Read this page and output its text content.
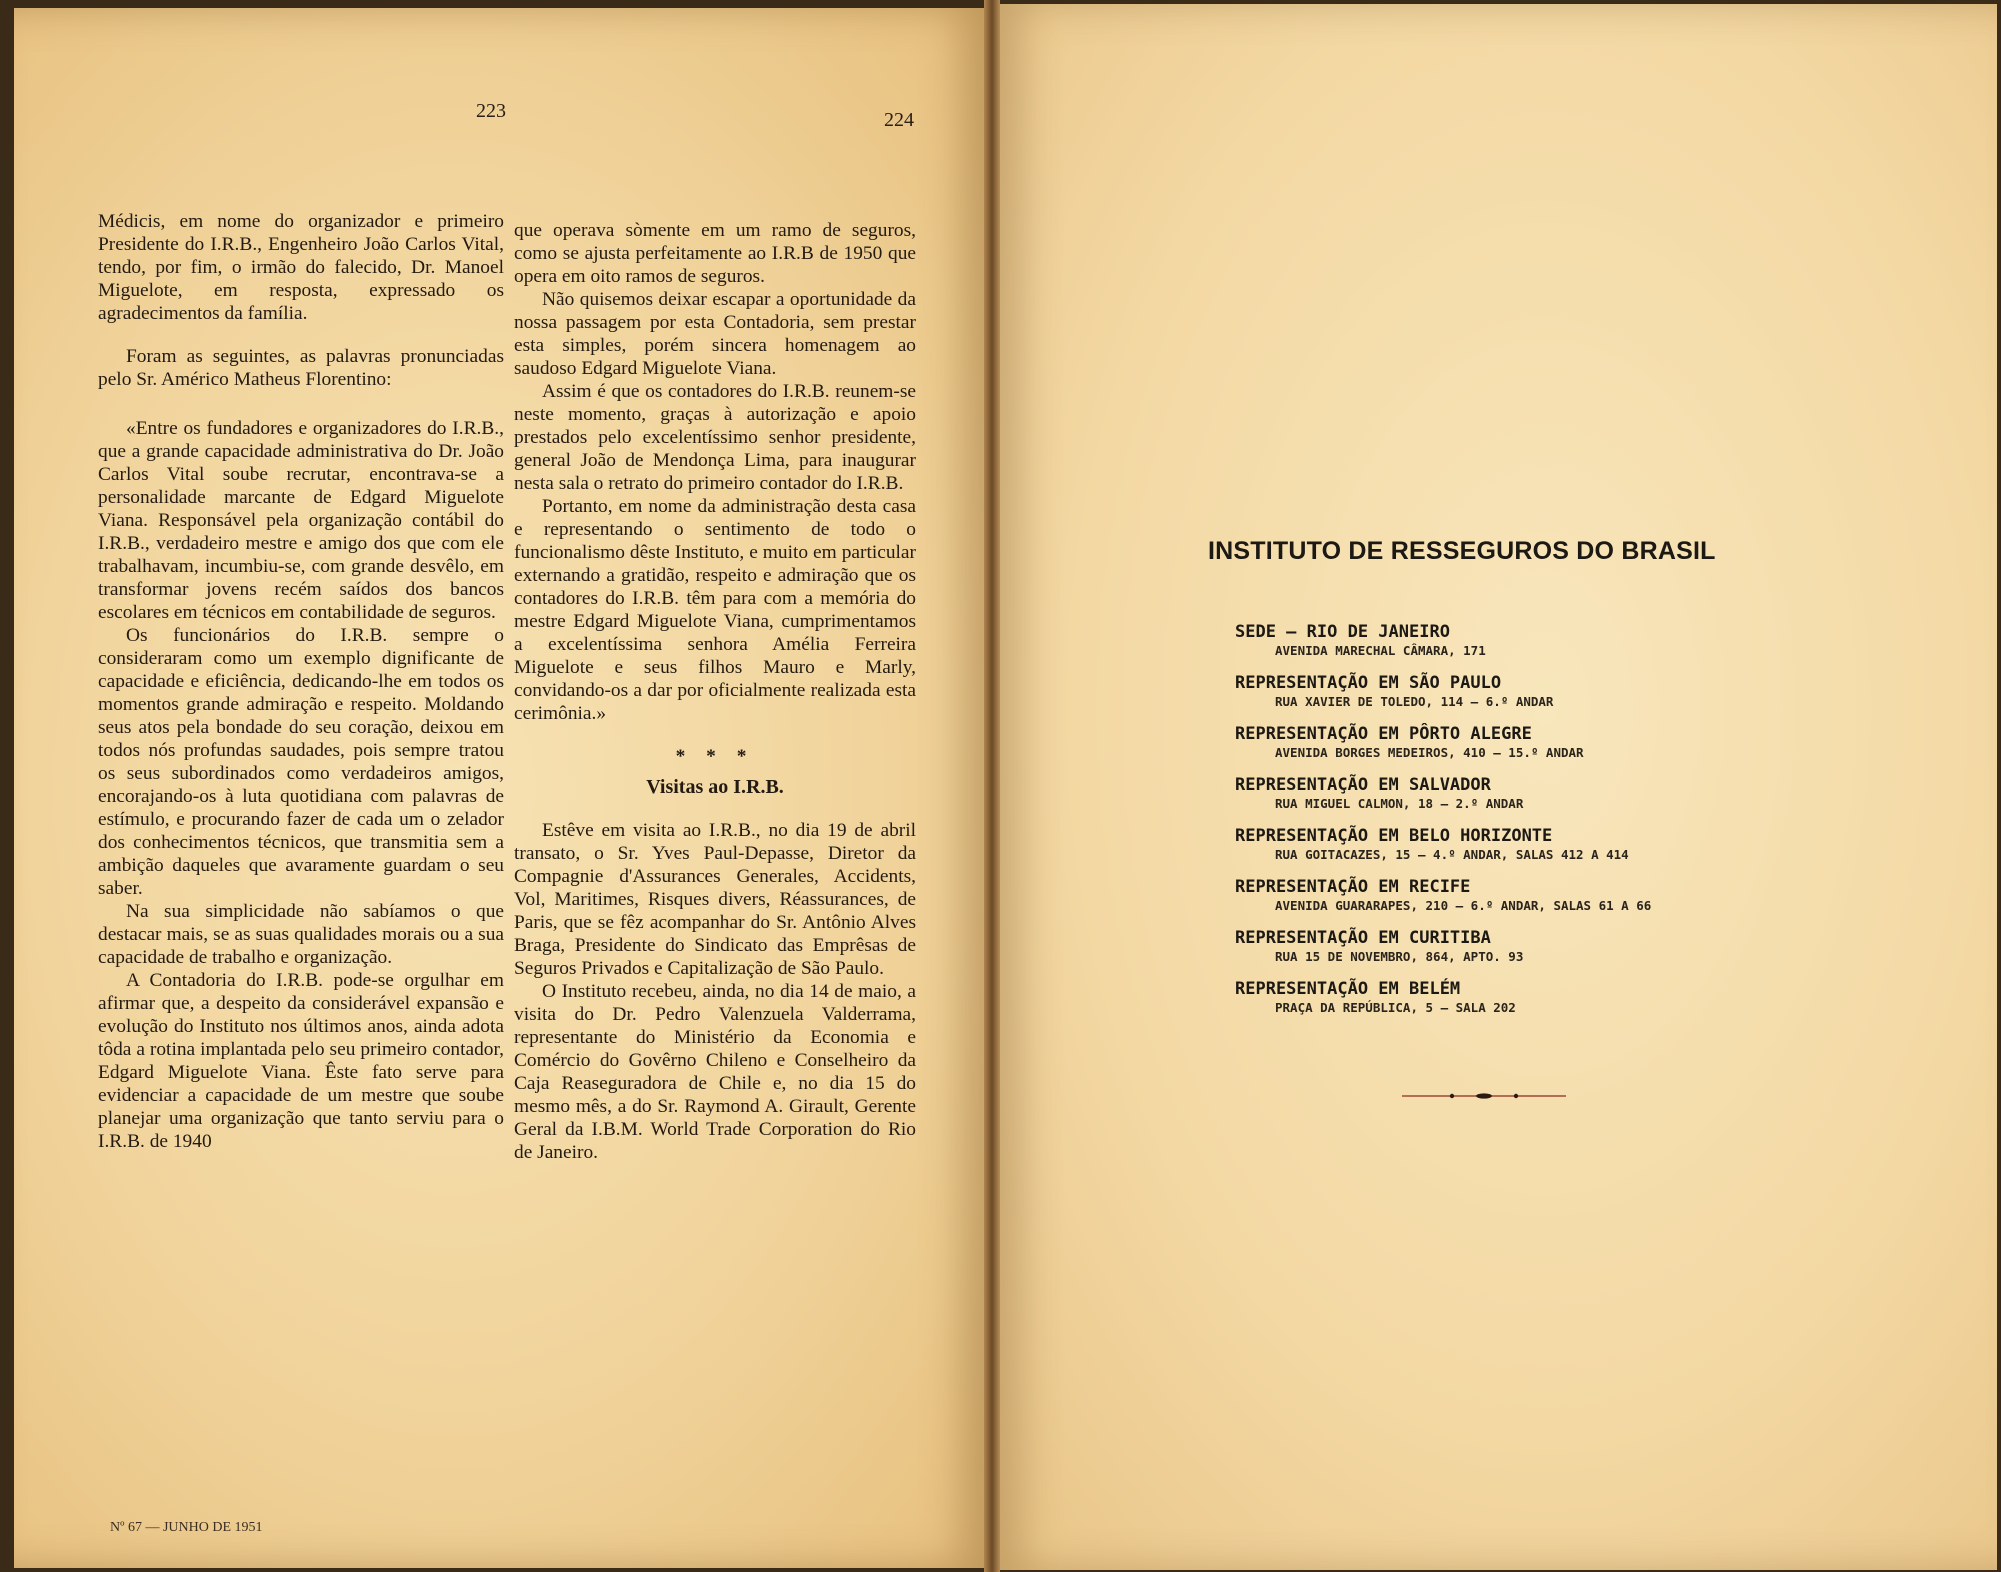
223	224

Médicis, em nome do organizador e primeiro Presidente do I.R.B., Engenheiro João Carlos Vital, tendo, por fim, o irmão do falecido, Dr. Manoel Miguelote, em resposta, expressado os agradecimentos da família.

Foram as seguintes, as palavras pronunciadas pelo Sr. Américo Matheus Florentino:

«Entre os fundadores e organizadores do I.R.B., que a grande capacidade administrativa do Dr. João Carlos Vital soube recrutar, encontrava-se a personalidade marcante de Edgard Miguelote Viana. Responsável pela organização contábil do I.R.B., verdadeiro mestre e amigo dos que com ele trabalhavam, incumbiu-se, com grande desvêlo, em transformar jovens recém saídos dos bancos escolares em técnicos em contabilidade de seguros.

Os funcionários do I.R.B. sempre o consideraram como um exemplo dignificante de capacidade e eficiência, dedicando-lhe em todos os momentos grande admiração e respeito. Moldando seus atos pela bondade do seu coração, deixou em todos nós profundas saudades, pois sempre tratou os seus subordinados como verdadeiros amigos, encorajando-os à luta quotidiana com palavras de estímulo, e procurando fazer de cada um o zelador dos conhecimentos técnicos, que transmitia sem a ambição daqueles que avaramente guardam o seu saber.

Na sua simplicidade não sabíamos o que destacar mais, se as suas qualidades morais ou a sua capacidade de trabalho e organização.

A Contadoria do I.R.B. pode-se orgulhar em afirmar que, a despeito da considerável expansão e evolução do Instituto nos últimos anos, ainda adota tôda a rotina implantada pelo seu primeiro contador, Edgard Miguelote Viana. Êste fato serve para evidenciar a capacidade de um mestre que soube planejar uma organização que tanto serviu para o I.R.B. de 1940

que operava sòmente em um ramo de seguros, como se ajusta perfeitamente ao I.R.B de 1950 que opera em oito ramos de seguros.

Não quisemos deixar escapar a oportunidade da nossa passagem por esta Contadoria, sem prestar esta simples, porém sincera homenagem ao saudoso Edgard Miguelote Viana.

Assim é que os contadores do I.R.B. reunem-se neste momento, graças à autorização e apoio prestados pelo excelentíssimo senhor presidente, general João de Mendonça Lima, para inaugurar nesta sala o retrato do primeiro contador do I.R.B.

Portanto, em nome da administração desta casa e representando o sentimento de todo o funcionalismo dêste Instituto, e muito em particular externando a gratidão, respeito e admiração que os contadores do I.R.B. têm para com a memória do mestre Edgard Miguelote Viana, cumprimentamos a excelentíssima senhora Amélia Ferreira Miguelote e seus filhos Mauro e Marly, convidando-os a dar por oficialmente realizada esta cerimônia.»

* * *
Visitas ao I.R.B.

Estêve em visita ao I.R.B., no dia 19 de abril transato, o Sr. Yves Paul-Depasse, Diretor da Compagnie d'Assurances Generales, Accidents, Vol, Maritimes, Risques divers, Réassurances, de Paris, que se fêz acompanhar do Sr. Antônio Alves Braga, Presidente do Sindicato das Emprêsas de Seguros Privados e Capitalização de São Paulo.

O Instituto recebeu, ainda, no dia 14 de maio, a visita do Dr. Pedro Valenzuela Valderrama, representante do Ministério da Economia e Comércio do Govêrno Chileno e Conselheiro da Caja Reaseguradora de Chile e, no dia 15 do mesmo mês, a do Sr. Raymond A. Girault, Gerente Geral da I.B.M. World Trade Corporation do Rio de Janeiro.

Nº 67 — JUNHO DE 1951
INSTITUTO DE RESSEGUROS DO BRASIL
SEDE — RIO DE JANEIRO
AVENIDA MARECHAL CÂMARA, 171
REPRESENTAÇÃO EM SÃO PAULO
RUA XAVIER DE TOLEDO, 114 — 6.º ANDAR
REPRESENTAÇÃO EM PÔRTO ALEGRE
AVENIDA BORGES MEDEIROS, 410 — 15.º ANDAR
REPRESENTAÇÃO EM SALVADOR
RUA MIGUEL CALMON, 18 — 2.º ANDAR
REPRESENTAÇÃO EM BELO HORIZONTE
RUA GOITACAZES, 15 — 4.º ANDAR, SALAS 412 A 414
REPRESENTAÇÃO EM RECIFE
AVENIDA GUARARAPES, 210 — 6.º ANDAR, SALAS 61 A 66
REPRESENTAÇÃO EM CURITIBA
RUA 15 DE NOVEMBRO, 864, APTO. 93
REPRESENTAÇÃO EM BELÉM
PRAÇA DA REPÚBLICA, 5 — SALA 202
